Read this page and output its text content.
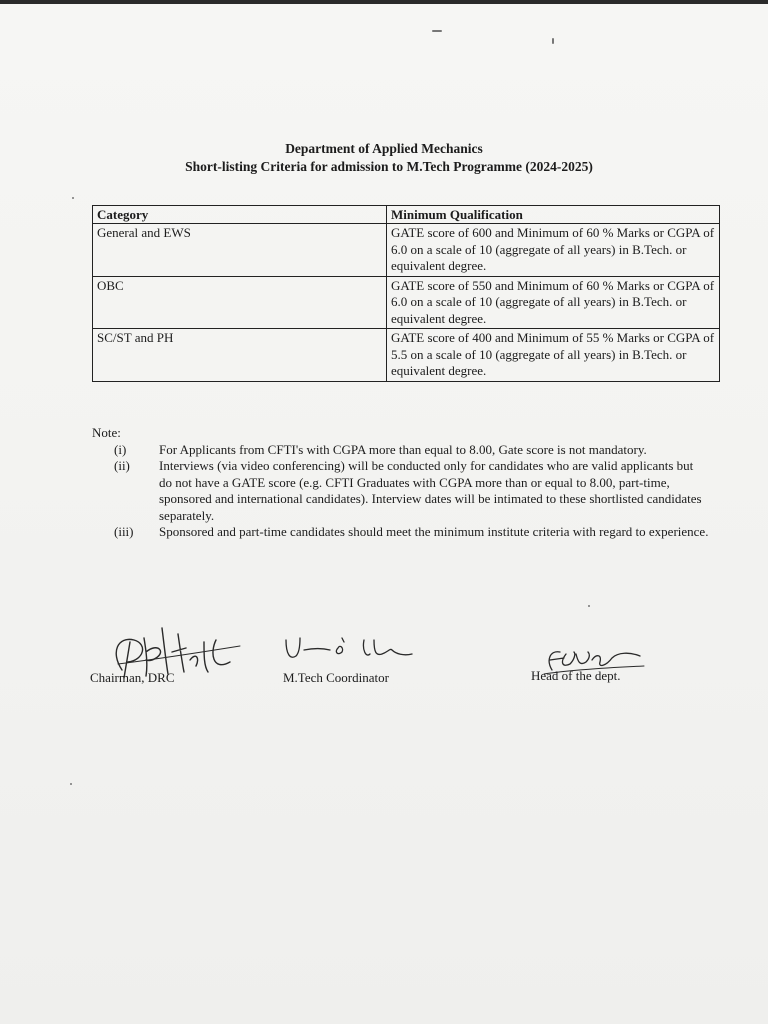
Department of Applied Mechanics
Short-listing Criteria for admission to M.Tech Programme (2024-2025)
Category	Minimum Qualification
General and EWS	GATE score of 600 and Minimum of 60 % Marks or CGPA of 6.0 on a scale of 10 (aggregate of all years) in B.Tech. or equivalent degree.
OBC	GATE score of 550 and Minimum of 60 % Marks or CGPA of 6.0 on a scale of 10 (aggregate of all years) in B.Tech. or equivalent degree.
SC/ST and PH	GATE score of 400 and Minimum of 55 % Marks or CGPA of 5.5 on a scale of 10 (aggregate of all years) in B.Tech. or equivalent degree.
Note:
(i)	For Applicants from CFTI's with CGPA more than equal to 8.00, Gate score is not mandatory.
(ii)	Interviews (via video conferencing) will be conducted only for candidates who are valid applicants but do not have a GATE score (e.g. CFTI Graduates with CGPA more than or equal to 8.00, part-time, sponsored and international candidates). Interview dates will be intimated to these shortlisted candidates separately.
(iii)	Sponsored and part-time candidates should meet the minimum institute criteria with regard to experience.
Chairman, DRC	M.Tech Coordinator	Head of the dept.
